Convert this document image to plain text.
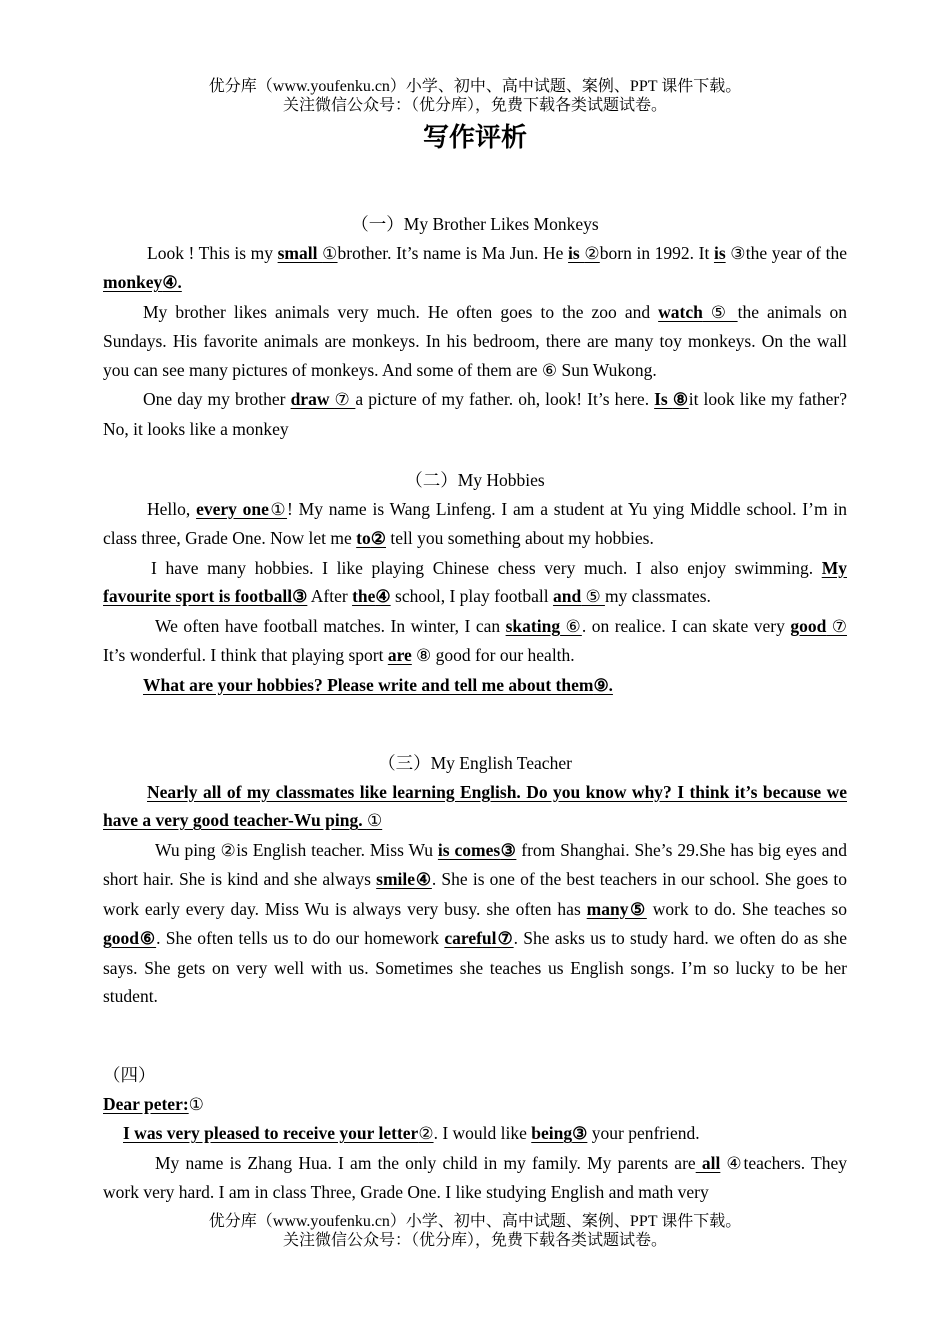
优分库（www.youfenku.cn）小学、初中、高中试题、案例、PPT 课件下载。
关注微信公众号：（优分库），免费下载各类试题试卷。
写作评析

（一）My Brother Likes Monkeys

Look ! This is my small ①brother. It’s name is Ma Jun. He is ②born in 1992. It is ③the year of the monkey④.

My brother likes animals very much. He often goes to the zoo and watch ⑤ the animals on Sundays. His favorite animals are monkeys. In his bedroom, there are many toy monkeys. On the wall you can see many pictures of monkeys. And some of them are ⑥ Sun Wukong.

One day my brother draw ⑦ a picture of my father. oh, look! It’s here. Is ⑧it look like my father? No, it looks like a monkey

（二）My Hobbies

Hello, every one①! My name is Wang Linfeng. I am a student at Yu ying Middle school. I’m in class three, Grade One. Now let me to② tell you something about my hobbies.

I have many hobbies. I like playing Chinese chess very much. I also enjoy swimming. My favourite sport is football③ After the④ school, I play football and ⑤ my classmates.

We often have football matches. In winter, I can skating ⑥. on realice. I can skate very good ⑦ It’s wonderful. I think that playing sport are ⑧ good for our health.

What are your hobbies? Please write and tell me about them⑨.

（三）My English Teacher

Nearly all of my classmates like learning English. Do you know why? I think it’s because we have a very good teacher-Wu ping. ①

Wu ping ②is English teacher. Miss Wu is comes③ from Shanghai. She’s 29.She has big eyes and short hair. She is kind and she always smile④. She is one of the best teachers in our school. She goes to work early every day. Miss Wu is always very busy. she often has many⑤ work to do. She teaches so good⑥. She often tells us to do our homework careful⑦. She asks us to study hard. we often do as she says. She gets on very well with us. Sometimes she teaches us English songs. I’m so lucky to be her student.

（四）

Dear peter:①

I was very pleased to receive your letter②. I would like being③ your penfriend.

My name is Zhang Hua. I am the only child in my family. My parents are all ④teachers. They work very hard. I am in class Three, Grade One. I like studying English and math very

优分库（www.youfenku.cn）小学、初中、高中试题、案例、PPT 课件下载。
关注微信公众号：（优分库），免费下载各类试题试卷。
